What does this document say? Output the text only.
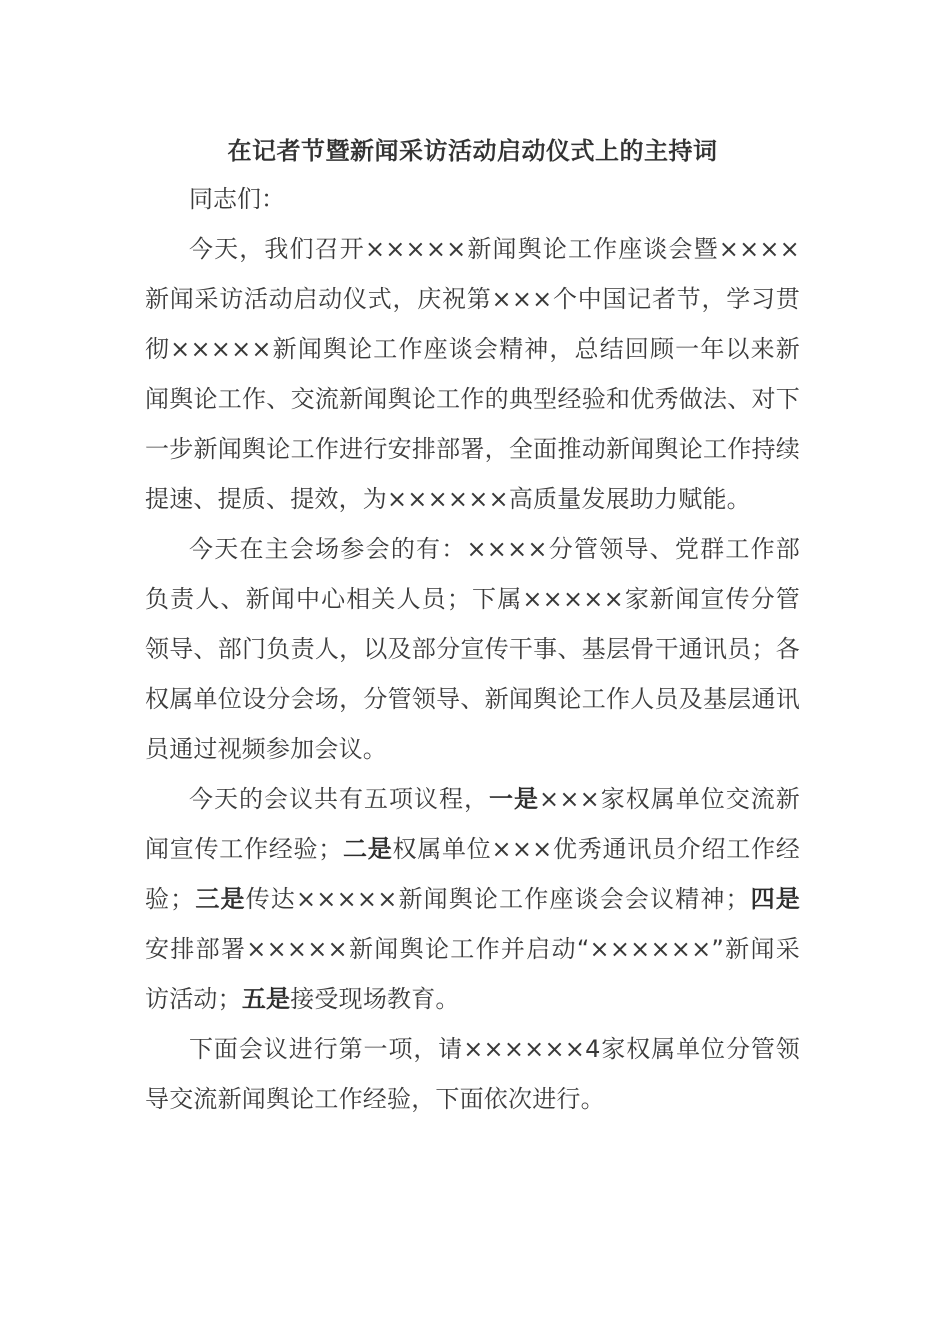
在记者节暨新闻采访活动启动仪式上的主持词

同志们：

今天，我们召开×××××新闻舆论工作座谈会暨××××新闻采访活动启动仪式，庆祝第×××个中国记者节，学习贯彻×××××新闻舆论工作座谈会精神，总结回顾一年以来新闻舆论工作、交流新闻舆论工作的典型经验和优秀做法、对下一步新闻舆论工作进行安排部署，全面推动新闻舆论工作持续提速、提质、提效，为××××××高质量发展助力赋能。

今天在主会场参会的有：××××分管领导、党群工作部负责人、新闻中心相关人员；下属×××××家新闻宣传分管领导、部门负责人，以及部分宣传干事、基层骨干通讯员；各权属单位设分会场，分管领导、新闻舆论工作人员及基层通讯员通过视频参加会议。

今天的会议共有五项议程，一是×××家权属单位交流新闻宣传工作经验；二是权属单位×××优秀通讯员介绍工作经验；三是传达×××××新闻舆论工作座谈会会议精神；四是安排部署×××××新闻舆论工作并启动“××××××”新闻采访活动；五是接受现场教育。

下面会议进行第一项，请××××××4家权属单位分管领导交流新闻舆论工作经验，下面依次进行。
